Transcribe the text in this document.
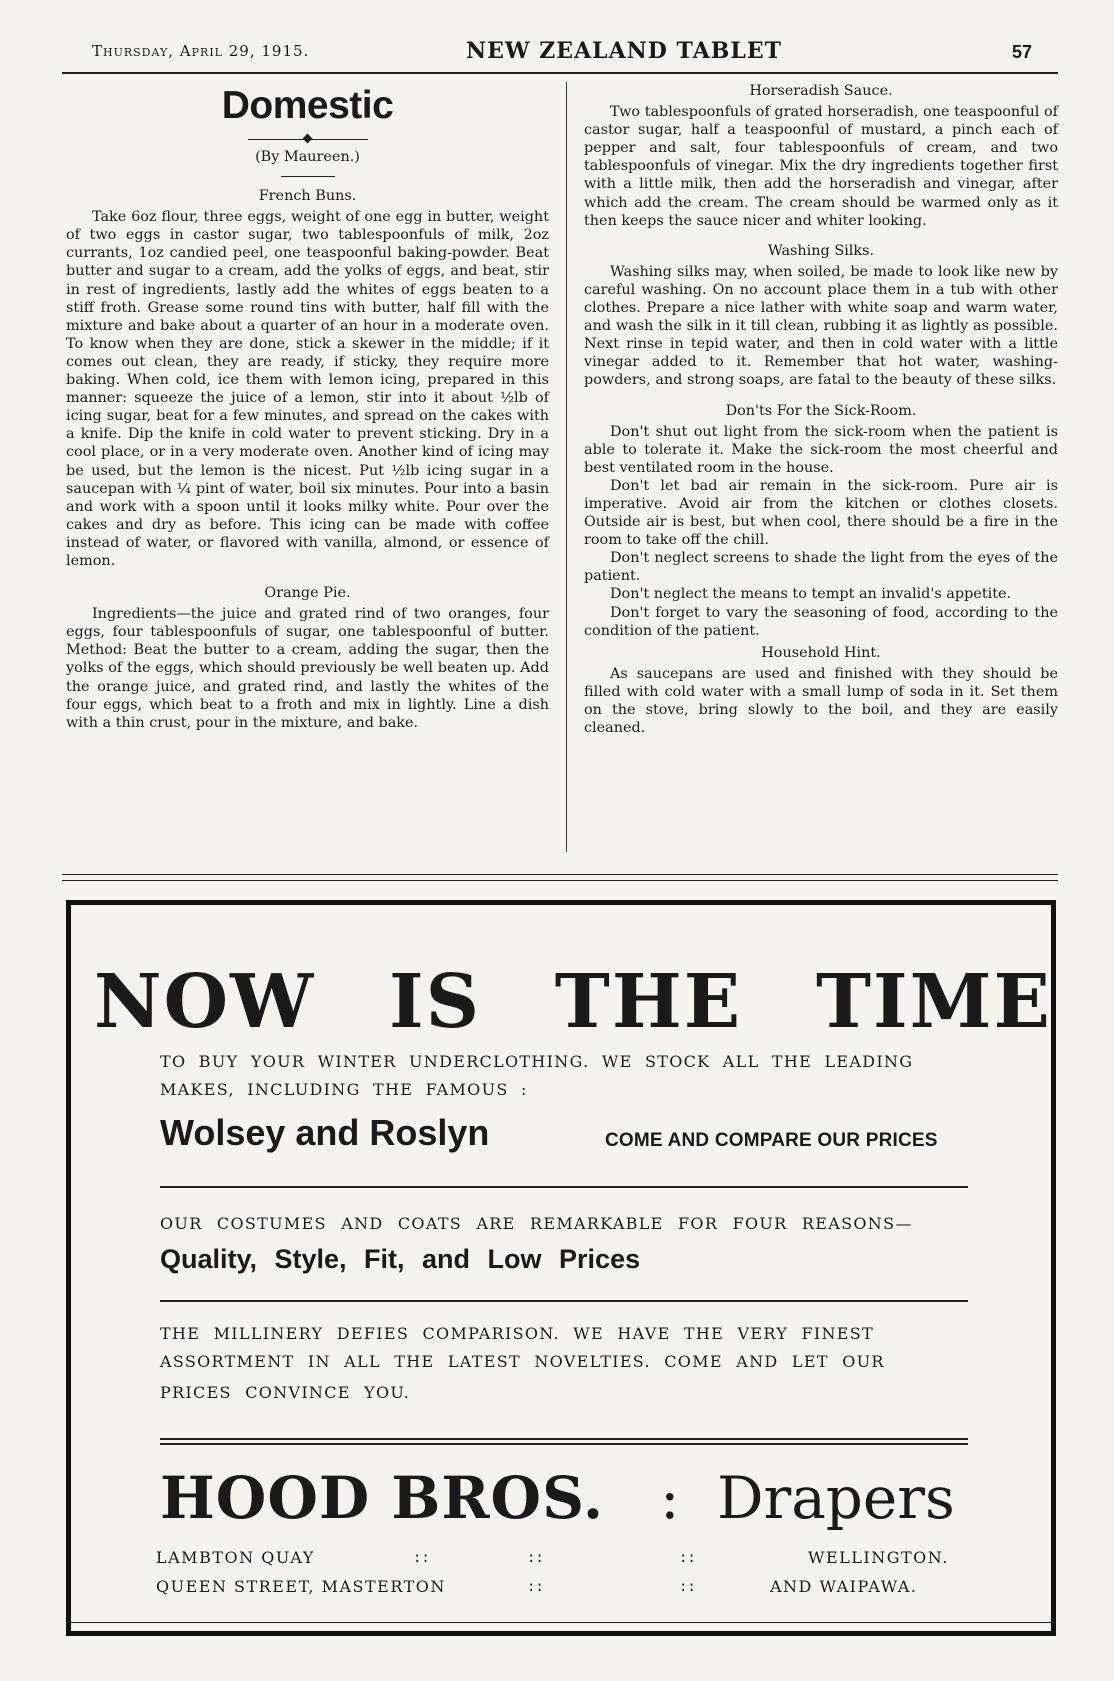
Thursday, April 29, 1915.	NEW ZEALAND TABLET	57
Domestic
(By Maureen.)
French Buns.

Take 6oz flour, three eggs, weight of one egg in butter, weight of two eggs in castor sugar, two tablespoonfuls of milk, 2oz currants, 1oz candied peel, one teaspoonful baking-powder. Beat butter and sugar to a cream, add the yolks of eggs, and beat, stir in rest of ingredients, lastly add the whites of eggs beaten to a stiff froth. Grease some round tins with butter, half fill with the mixture and bake about a quarter of an hour in a moderate oven. To know when they are done, stick a skewer in the middle; if it comes out clean, they are ready, if sticky, they require more baking. When cold, ice them with lemon icing, prepared in this manner: squeeze the juice of a lemon, stir into it about ½lb of icing sugar, beat for a few minutes, and spread on the cakes with a knife. Dip the knife in cold water to prevent sticking. Dry in a cool place, or in a very moderate oven. Another kind of icing may be used, but the lemon is the nicest. Put ½lb icing sugar in a saucepan with ¼ pint of water, boil six minutes. Pour into a basin and work with a spoon until it looks milky white. Pour over the cakes and dry as before. This icing can be made with coffee instead of water, or flavored with vanilla, almond, or essence of lemon.

Orange Pie.

Ingredients—the juice and grated rind of two oranges, four eggs, four tablespoonfuls of sugar, one tablespoonful of butter. Method: Beat the butter to a cream, adding the sugar, then the yolks of the eggs, which should previously be well beaten up. Add the orange juice, and grated rind, and lastly the whites of the four eggs, which beat to a froth and mix in lightly. Line a dish with a thin crust, pour in the mixture, and bake.

Horseradish Sauce.

Two tablespoonfuls of grated horseradish, one teaspoonful of castor sugar, half a teaspoonful of mustard, a pinch each of pepper and salt, four tablespoonfuls of cream, and two tablespoonfuls of vinegar. Mix the dry ingredients together first with a little milk, then add the horseradish and vinegar, after which add the cream. The cream should be warmed only as it then keeps the sauce nicer and whiter looking.

Washing Silks.

Washing silks may, when soiled, be made to look like new by careful washing. On no account place them in a tub with other clothes. Prepare a nice lather with white soap and warm water, and wash the silk in it till clean, rubbing it as lightly as possible. Next rinse in tepid water, and then in cold water with a little vinegar added to it. Remember that hot water, washing-powders, and strong soaps, are fatal to the beauty of these silks.

Don'ts For the Sick-Room.

Don't shut out light from the sick-room when the patient is able to tolerate it. Make the sick-room the most cheerful and best ventilated room in the house.

Don't let bad air remain in the sick-room. Pure air is imperative. Avoid air from the kitchen or clothes closets. Outside air is best, but when cool, there should be a fire in the room to take off the chill.

Don't neglect screens to shade the light from the eyes of the patient.

Don't neglect the means to tempt an invalid's appetite.

Don't forget to vary the seasoning of food, according to the condition of the patient.

Household Hint.

As saucepans are used and finished with they should be filled with cold water with a small lump of soda in it. Set them on the stove, bring slowly to the boil, and they are easily cleaned.

NOW IS THE TIME
TO BUY YOUR WINTER UNDERCLOTHING. WE STOCK ALL THE LEADING
MAKES, INCLUDING THE FAMOUS :
Wolsey and Roslyn	COME AND COMPARE OUR PRICES
OUR COSTUMES AND COATS ARE REMARKABLE FOR FOUR REASONS—
Quality, Style, Fit, and Low Prices
THE MILLINERY DEFIES COMPARISON. WE HAVE THE VERY FINEST
ASSORTMENT IN ALL THE LATEST NOVELTIES. COME AND LET OUR
PRICES CONVINCE YOU.
HOOD BROS. : Drapers
LAMBTON QUAY	::	::	::	WELLINGTON.
QUEEN STREET, MASTERTON	::	::	AND WAIPAWA.
